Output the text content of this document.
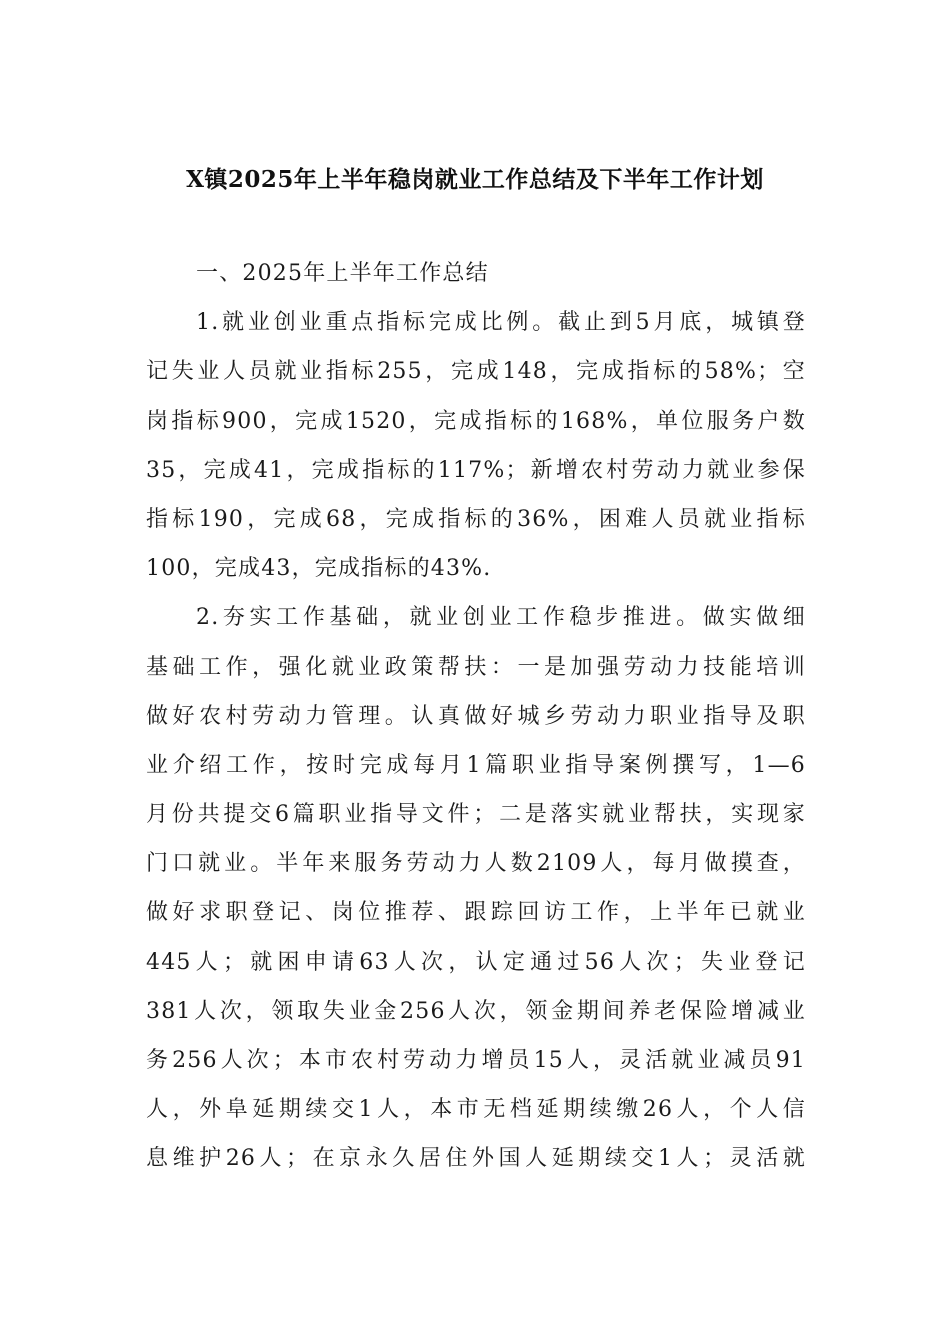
X镇2025年上半年稳岗就业工作总结及下半年工作计划
一、2025年上半年工作总结
1.就业创业重点指标完成比例。截止到5月底，城镇登
记失业人员就业指标255，完成148，完成指标的58%；空
岗指标900，完成1520，完成指标的168%，单位服务户数
35，完成41，完成指标的117%；新增农村劳动力就业参保
指标190，完成68，完成指标的36%，困难人员就业指标
100，完成43，完成指标的43%.
2.夯实工作基础，就业创业工作稳步推进。做实做细
基础工作，强化就业政策帮扶：一是加强劳动力技能培训
做好农村劳动力管理。认真做好城乡劳动力职业指导及职
业介绍工作，按时完成每月1篇职业指导案例撰写，1—6
月份共提交6篇职业指导文件；二是落实就业帮扶，实现家
门口就业。半年来服务劳动力人数2109人，每月做摸查，
做好求职登记、岗位推荐、跟踪回访工作，上半年已就业
445人；就困申请63人次，认定通过56人次；失业登记
381人次，领取失业金256人次，领金期间养老保险增减业
务256人次；本市农村劳动力增员15人，灵活就业减员91
人，外阜延期续交1人，本市无档延期续缴26人，个人信
息维护26人；在京永久居住外国人延期续交1人；灵活就
